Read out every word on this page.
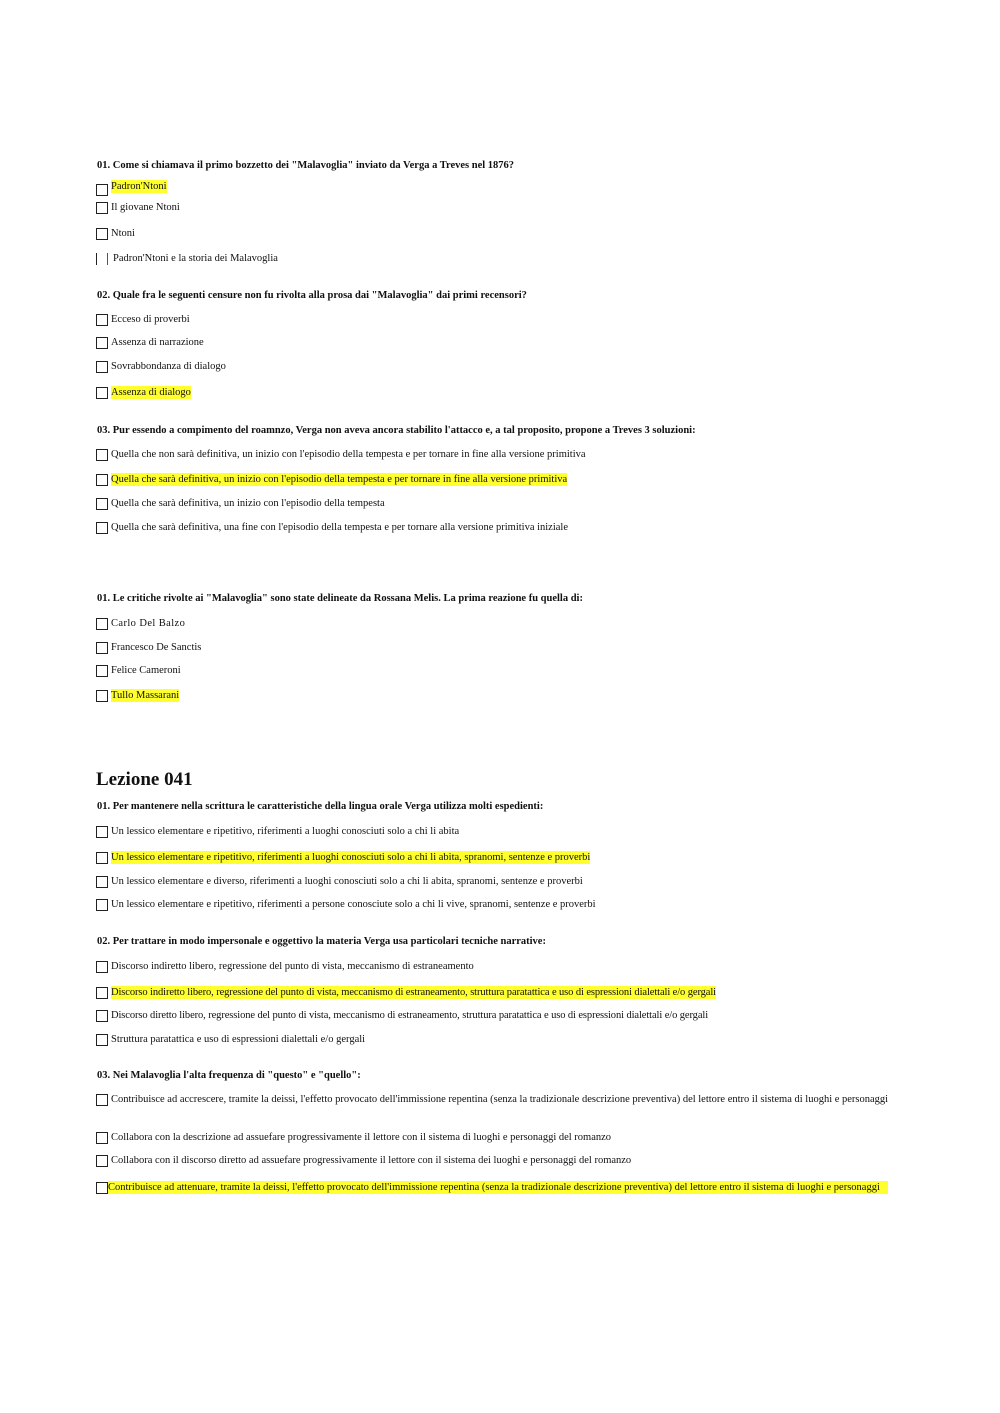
01. Come si chiamava il primo bozzetto dei "Malavoglia" inviato da Verga a Treves nel 1876?
Padron'Ntoni
Il giovane Ntoni
Ntoni
Padron'Ntoni e la storia dei Malavoglia
02. Quale fra le seguenti censure non fu rivolta alla prosa dai "Malavoglia" dai primi recensori?
Ecceso di proverbi
Assenza di narrazione
Sovrabbondanza di dialogo
Assenza di dialogo
03. Pur essendo a compimento del roamnzo, Verga non aveva ancora stabilito l'attacco e, a tal proposito, propone a Treves 3 soluzioni:
Quella che non sarà definitiva, un inizio con l'episodio della tempesta e per tornare in fine alla versione primitiva
Quella che sarà definitiva, un inizio con l'episodio della tempesta e per tornare in fine alla versione primitiva
Quella che sarà definitiva, un inizio con l'episodio della tempesta
Quella che sarà definitiva, una fine con l'episodio della tempesta e per tornare alla versione primitiva iniziale
01. Le critiche rivolte ai "Malavoglia" sono state delineate da Rossana Melis. La prima reazione fu quella di:
Carlo Del Balzo
Francesco De Sanctis
Felice Cameroni
Tullo Massarani
Lezione 041
01. Per mantenere nella scrittura le caratteristiche della lingua orale Verga utilizza molti espedienti:
Un lessico elementare e ripetitivo, riferimenti a luoghi conosciuti solo a chi li abita
Un lessico elementare e ripetitivo, riferimenti a luoghi conosciuti solo a chi li abita, spranomi, sentenze e proverbi
Un lessico elementare e diverso, riferimenti a luoghi conosciuti solo a chi li abita, spranomi, sentenze e proverbi
Un lessico elementare e ripetitivo, riferimenti a persone conosciute solo a chi li vive, spranomi, sentenze e proverbi
02. Per trattare in modo impersonale e oggettivo la materia Verga usa particolari tecniche narrative:
Discorso indiretto libero, regressione del punto di vista, meccanismo di estraneamento
Discorso indiretto libero, regressione del punto di vista, meccanismo di estraneamento, struttura paratattica e uso di espressioni dialettali e/o gergali
Discorso diretto libero, regressione del punto di vista, meccanismo di estraneamento, struttura paratattica e uso di espressioni dialettali e/o gergali
Struttura paratattica e uso di espressioni dialettali e/o gergali
03. Nei Malavoglia l'alta frequenza di "questo" e "quello":
Contribuisce ad accrescere, tramite la deissi, l'effetto provocato dell'immissione repentina (senza la tradizionale descrizione preventiva) del lettore entro il sistema di luoghi e personaggi
Collabora con la descrizione ad assuefare progressivamente il lettore con il sistema di luoghi e personaggi del romanzo
Collabora con il discorso diretto ad assuefare progressivamente il lettore con il sistema dei luoghi e personaggi del romanzo
Contribuisce ad attenuare, tramite la deissi, l'effetto provocato dell'immissione repentina (senza la tradizionale descrizione preventiva) del lettore entro il sistema di luoghi e personaggi
